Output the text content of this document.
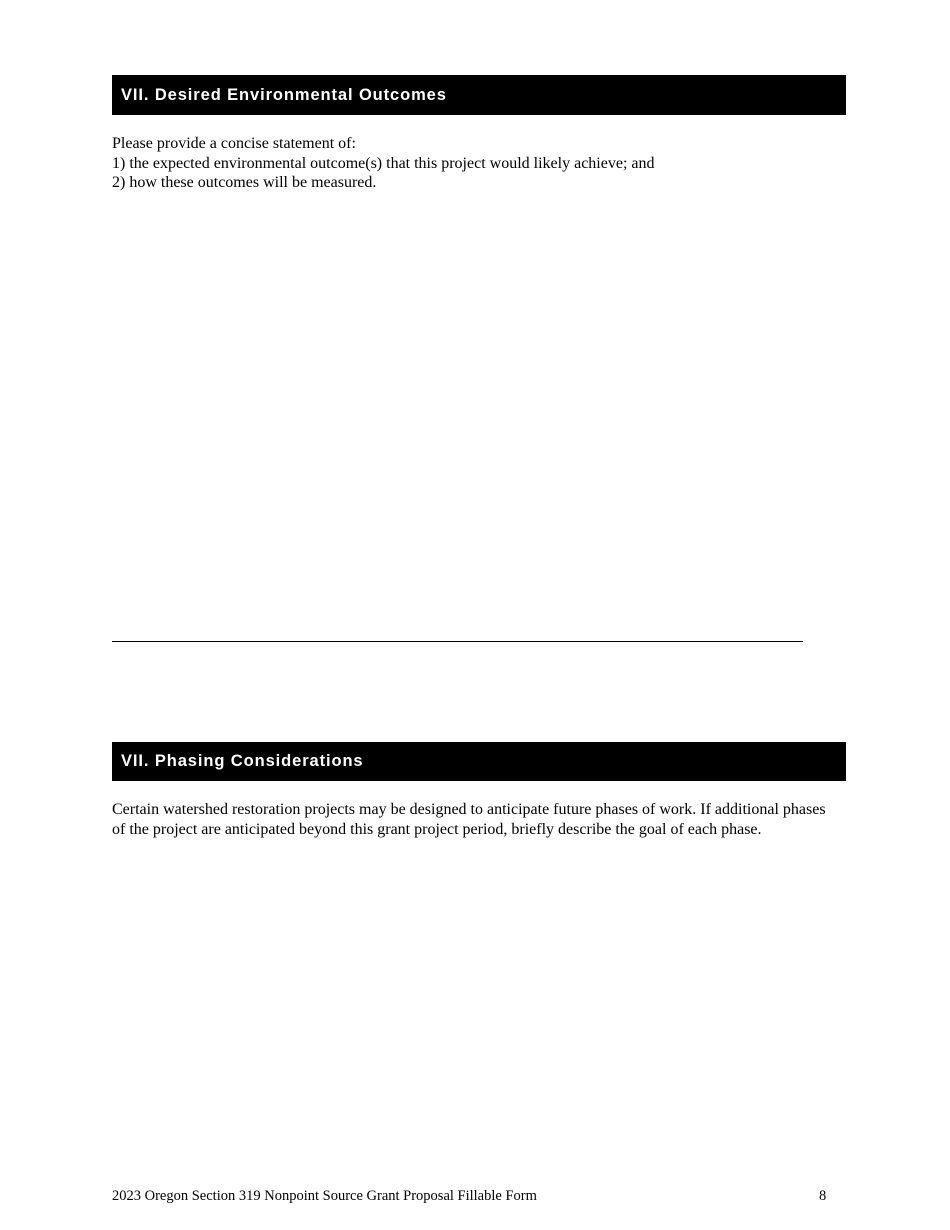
VII. Desired Environmental Outcomes
Please provide a concise statement of:
1) the expected environmental outcome(s) that this project would likely achieve; and
2) how these outcomes will be measured.
VII. Phasing Considerations
Certain watershed restoration projects may be designed to anticipate future phases of work. If additional phases of the project are anticipated beyond this grant project period, briefly describe the goal of each phase.
2023 Oregon Section 319 Nonpoint Source Grant Proposal Fillable Form	8
